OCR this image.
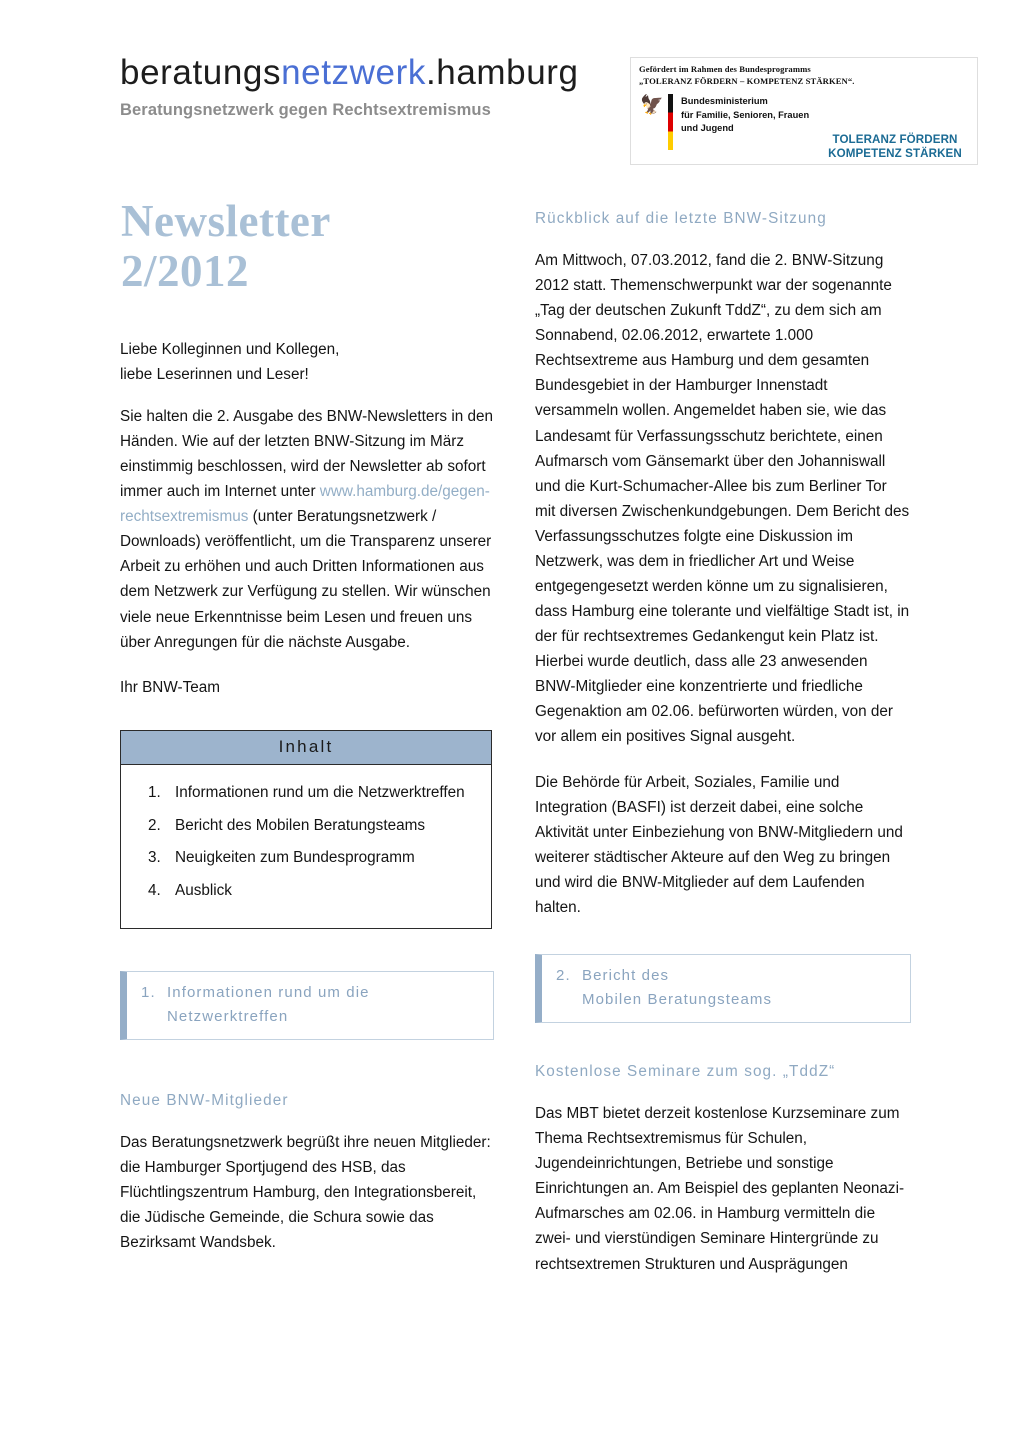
beratungsnetzwerk.hamburg
Beratungsnetzwerk gegen Rechtsextremismus
Gefördert im Rahmen des Bundesprogramms
„TOLERANZ FÖRDERN – KOMPETENZ STÄRKEN“.
🦅 Bundesministerium
für Familie, Senioren, Frauen
und Jugend
TOLERANZ FÖRDERN
KOMPETENZ STÄRKEN
Newsletter
2/2012

Liebe Kolleginnen und Kollegen,
liebe Leserinnen und Leser!

Sie halten die 2. Ausgabe des BNW-Newsletters in den Händen. Wie auf der letzten BNW-Sitzung im März einstimmig beschlossen, wird der Newsletter ab sofort immer auch im Internet unter www.hamburg.de/gegen-rechtsextremismus (unter Beratungsnetzwerk / Downloads) veröffentlicht, um die Transparenz unserer Arbeit zu erhöhen und auch Dritten Informationen aus dem Netzwerk zur Verfügung zu stellen. Wir wünschen viele neue Erkenntnisse beim Lesen und freuen uns über Anregungen für die nächste Ausgabe.

Ihr BNW-Team

Inhalt
1. Informationen rund um die Netzwerktreffen
2. Bericht des Mobilen Beratungsteams
3. Neuigkeiten zum Bundesprogramm
4. Ausblick
1. Informationen rund um die
Netzwerktreffen
Neue BNW-Mitglieder

Das Beratungsnetzwerk begrüßt ihre neuen Mitglieder: die Hamburger Sportjugend des HSB, das Flüchtlingszentrum Hamburg, den Integrationsbereit, die Jüdische Gemeinde, die Schura sowie das Bezirksamt Wandsbek.

Rückblick auf die letzte BNW-Sitzung

Am Mittwoch, 07.03.2012, fand die 2. BNW-Sitzung 2012 statt. Themenschwerpunkt war der sogenannte „Tag der deutschen Zukunft TddZ“, zu dem sich am Sonnabend, 02.06.2012, erwartete 1.000 Rechtsextreme aus Hamburg und dem gesamten Bundesgebiet in der Hamburger Innenstadt versammeln wollen. Angemeldet haben sie, wie das Landesamt für Verfassungsschutz berichtete, einen Aufmarsch vom Gänsemarkt über den Johanniswall und die Kurt-Schumacher-Allee bis zum Berliner Tor mit diversen Zwischenkundgebungen. Dem Bericht des Verfassungsschutzes folgte eine Diskussion im Netzwerk, was dem in friedlicher Art und Weise entgegengesetzt werden könne um zu signalisieren, dass Hamburg eine tolerante und vielfältige Stadt ist, in der für rechtsextremes Gedankengut kein Platz ist. Hierbei wurde deutlich, dass alle 23 anwesenden BNW-Mitglieder eine konzentrierte und friedliche Gegenaktion am 02.06. befürworten würden, von der vor allem ein positives Signal ausgeht.

Die Behörde für Arbeit, Soziales, Familie und Integration (BASFI) ist derzeit dabei, eine solche Aktivität unter Einbeziehung von BNW-Mitgliedern und weiterer städtischer Akteure auf den Weg zu bringen und wird die BNW-Mitglieder auf dem Laufenden halten.

2. Bericht des
Mobilen Beratungsteams
Kostenlose Seminare zum sog. „TddZ“

Das MBT bietet derzeit kostenlose Kurzseminare zum Thema Rechtsextremismus für Schulen, Jugendeinrichtungen, Betriebe und sonstige Einrichtungen an. Am Beispiel des geplanten Neonazi-Aufmarsches am 02.06. in Hamburg vermitteln die zwei- und vierstündigen Seminare Hintergründe zu rechtsextremen Strukturen und Ausprägungen
